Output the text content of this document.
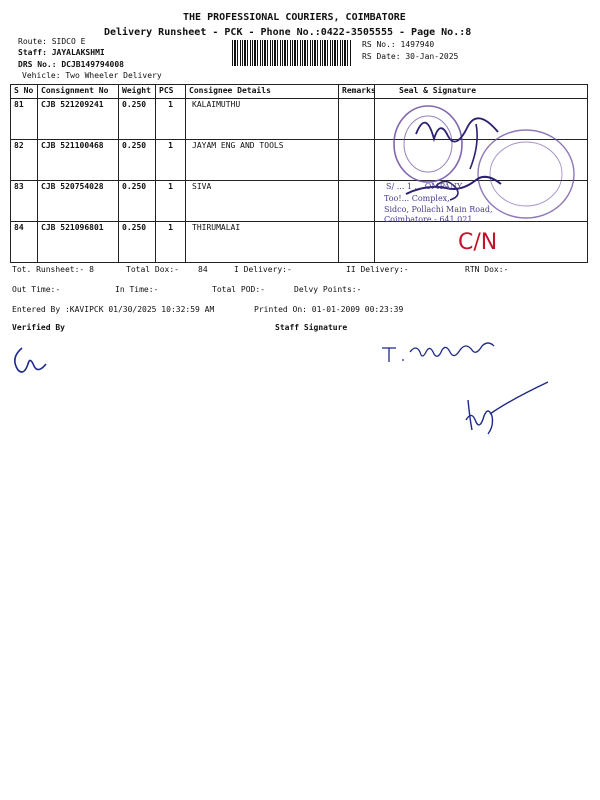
THE PROFESSIONAL COURIERS, COIMBATORE
Delivery Runsheet - PCK - Phone No.:0422-3505555 - Page No.:8
Route: SIDCO E
Staff: JAYALAKSHMI
DRS No.: DCJB149794008
Vehicle: Two Wheeler Delivery
RS No.: 1497940
RS Date: 30-Jan-2025
S No	Consignment No	Weight	PCS	Consignee Details	Remarks	Seal & Signature
81	CJB 521209241	0.250	1	KALAIMUTHU		
82	CJB 521100468	0.250	1	JAYAM ENG AND TOOLS		
83	CJB 520754028	0.250	1	SIVA		
84	CJB 521096801	0.250	1	THIRUMALAI		
S/ ... 1 ... OMPANY
Too!... Complex,
Sidco, Pollachi Main Road,
Coimbatore - 641 021
C/N
Tot. Runsheet:- 8	Total Dox:- 84	I Delivery:-	II Delivery:-	RTN Dox:-
Out Time:-	In Time:-	Total POD:-	Delvy Points:-
Entered By :KAVIPCK 01/30/2025 10:32:59 AM	Printed On: 01-01-2009 00:23:39
Verified By	Staff Signature
